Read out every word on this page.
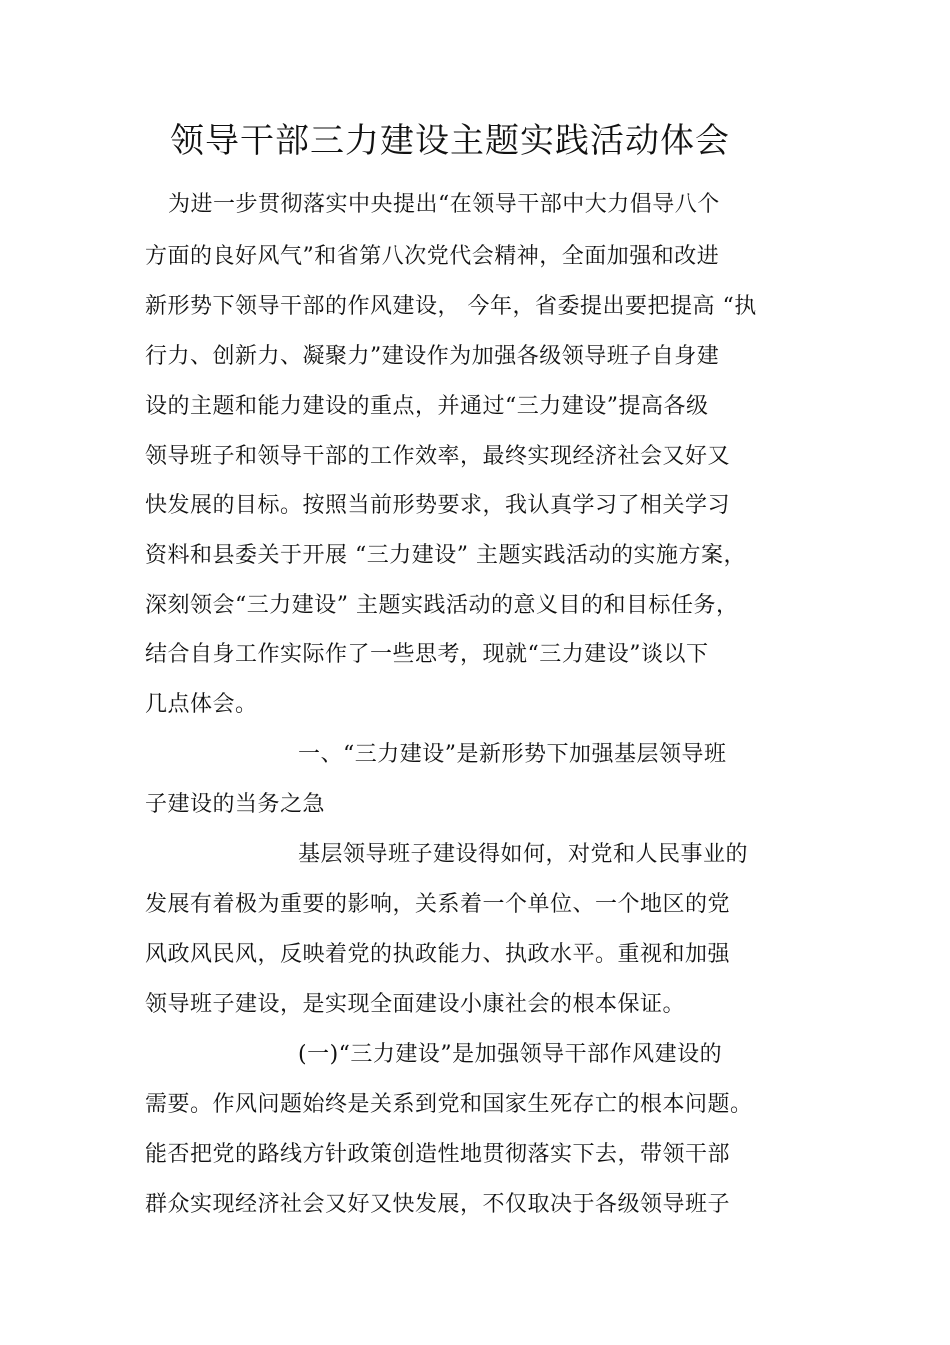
领导干部三力建设主题实践活动体会
为进一步贯彻落实中央提出“在领导干部中大力倡导八个
方面的良好风气”和省第八次党代会精神，全面加强和改进
新形势下领导干部的作风建设， 今年，省委提出要把提高 “执
行力、创新力、凝聚力”建设作为加强各级领导班子自身建
设的主题和能力建设的重点，并通过“三力建设”提高各级
领导班子和领导干部的工作效率，最终实现经济社会又好又
快发展的目标。按照当前形势要求，我认真学习了相关学习
资料和县委关于开展 “三力建设” 主题实践活动的实施方案，
深刻领会“三力建设” 主题实践活动的意义目的和目标任务，
结合自身工作实际作了一些思考，现就“三力建设”谈以下
几点体会。
一、“三力建设”是新形势下加强基层领导班
子建设的当务之急
基层领导班子建设得如何，对党和人民事业的
发展有着极为重要的影响，关系着一个单位、一个地区的党
风政风民风，反映着党的执政能力、执政水平。重视和加强
领导班子建设，是实现全面建设小康社会的根本保证。
(一)“三力建设”是加强领导干部作风建设的
需要。作风问题始终是关系到党和国家生死存亡的根本问题。
能否把党的路线方针政策创造性地贯彻落实下去，带领干部
群众实现经济社会又好又快发展，不仅取决于各级领导班子
